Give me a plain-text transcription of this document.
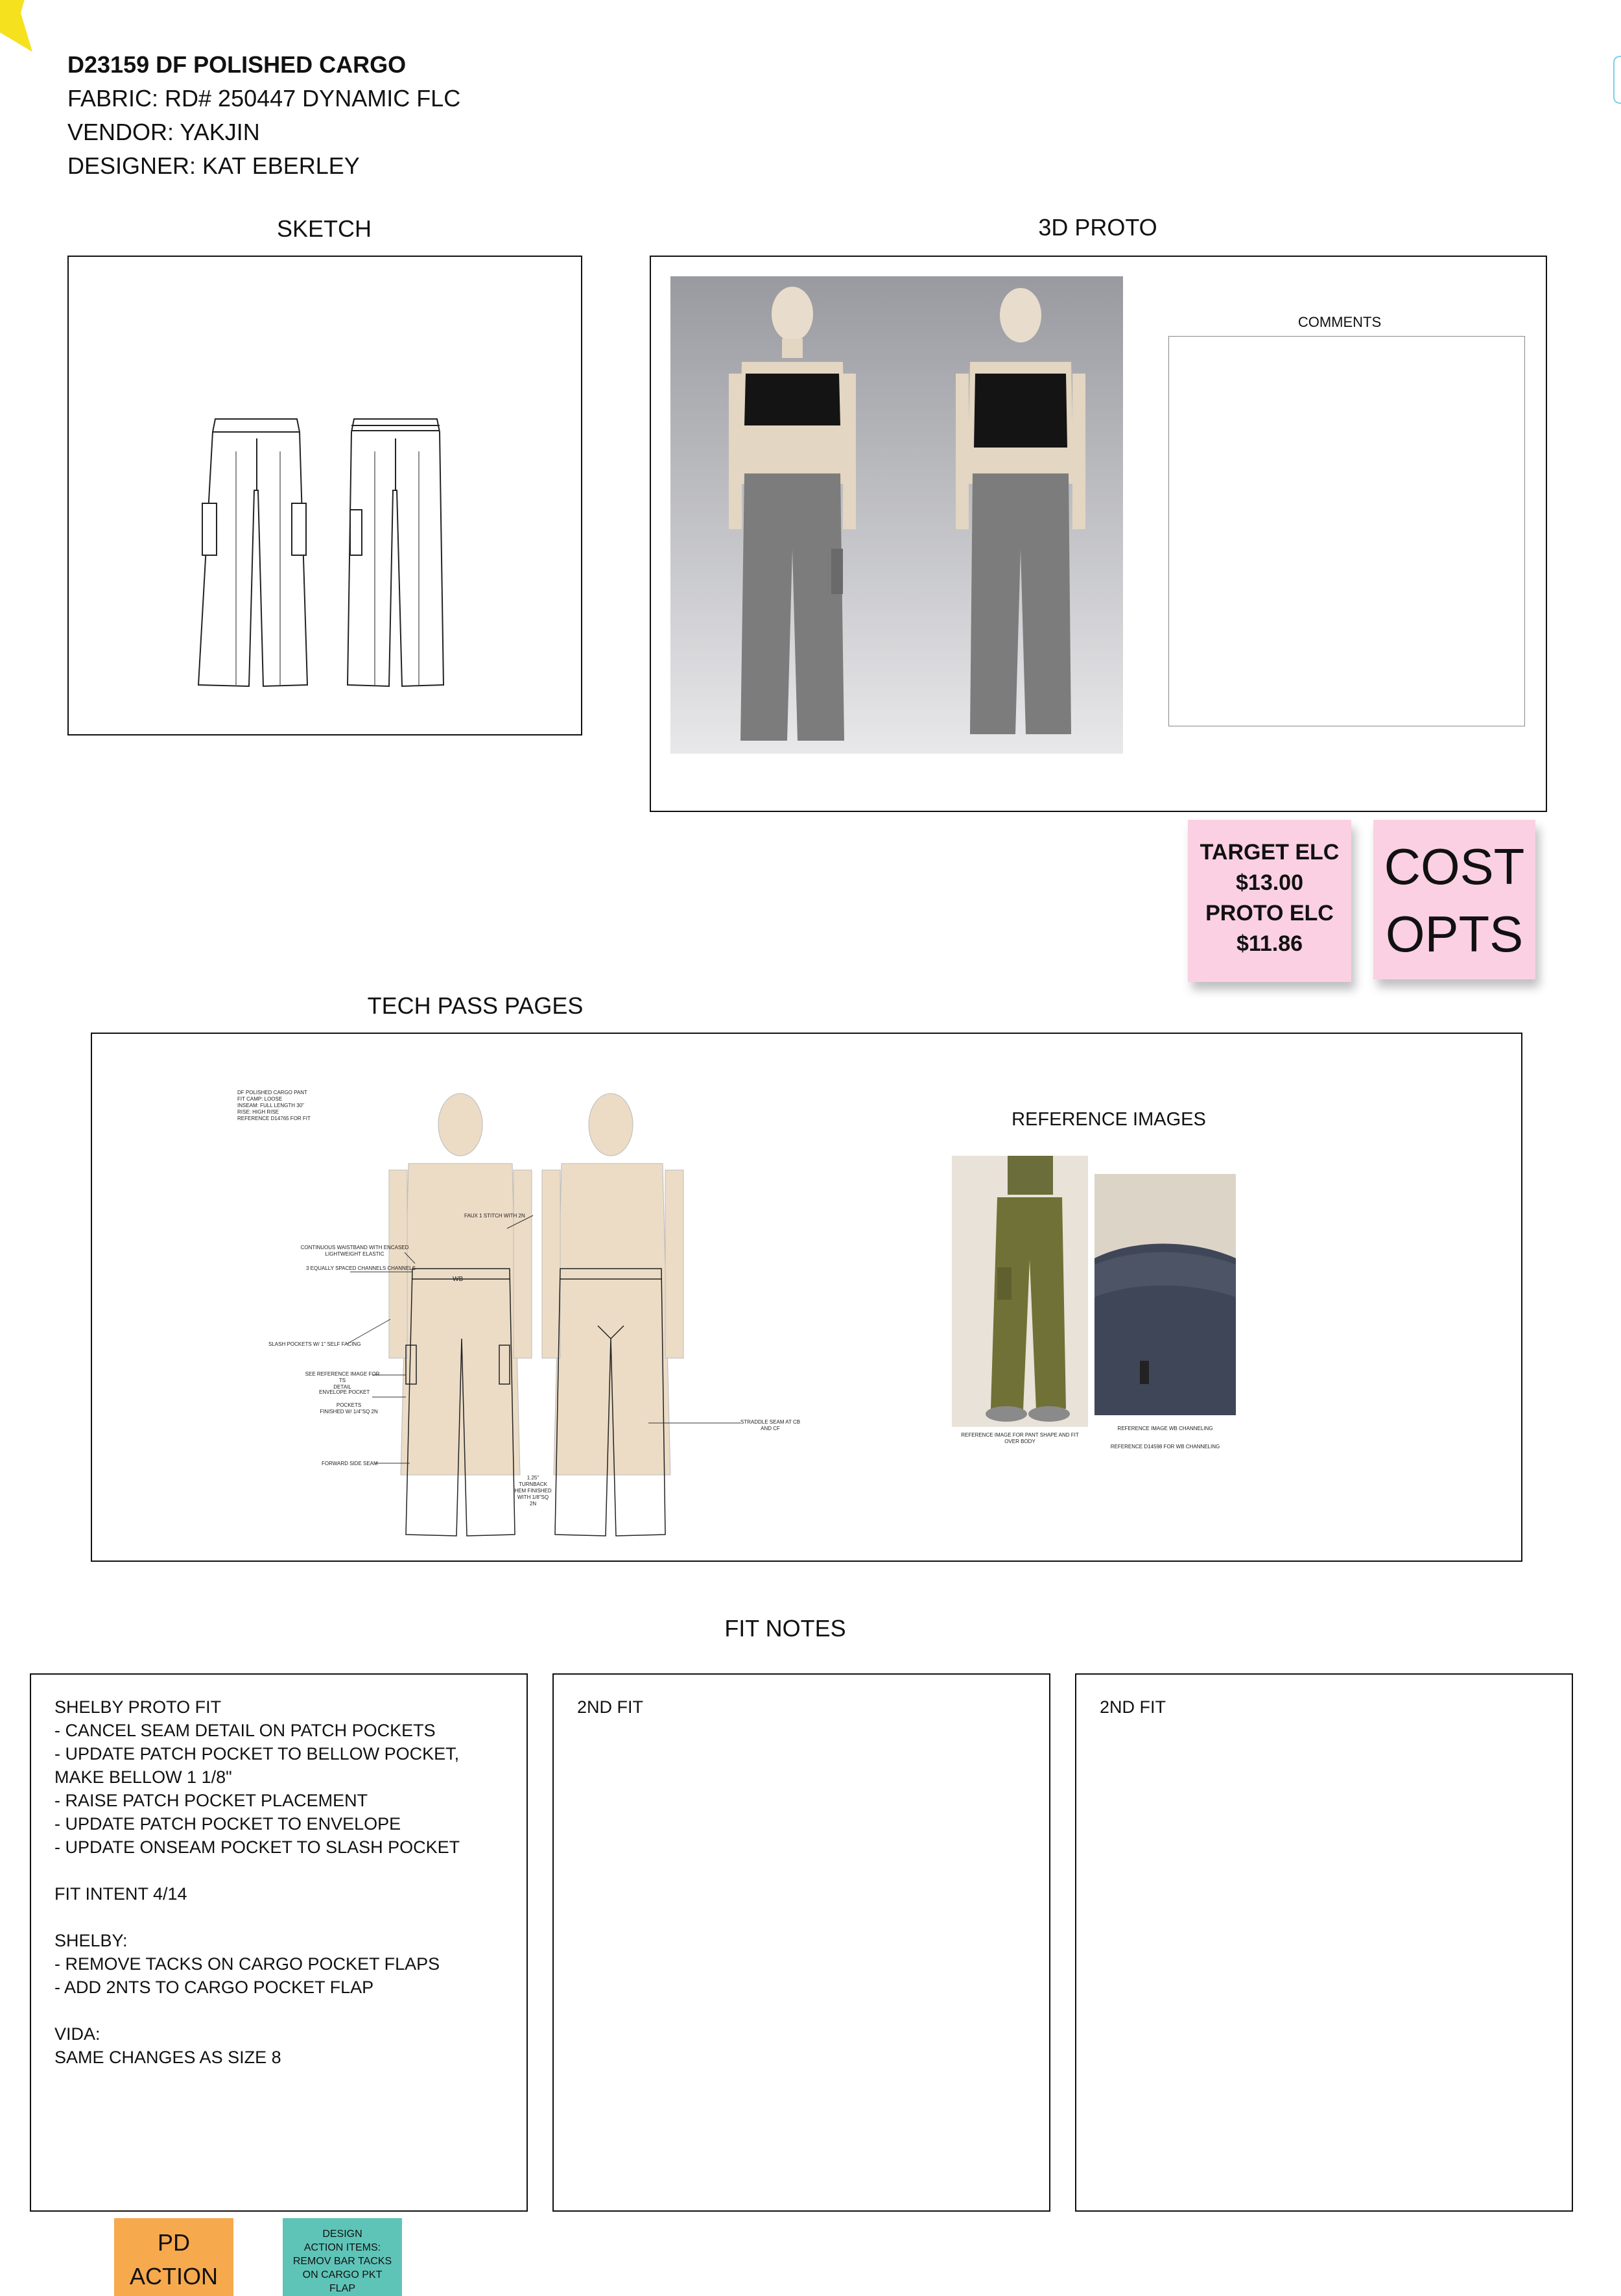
D23159 DF POLISHED CARGO
FABRIC: RD# 250447 DYNAMIC FLC
VENDOR: YAKJIN
DESIGNER: KAT EBERLEY
SKETCH	3D PROTO
COMMENTS
TARGET ELC
$13.00
PROTO ELC
$11.86
COST
OPTS
TECH PASS PAGES
DF POLISHED CARGO PANT
FIT CAMP: LOOSE
INSEAM: FULL LENGTH 30"
RISE: HIGH RISE
REFERENCE D14765 FOR FIT
CONTINUOUS WAISTBAND WITH ENCASED
LIGHTWEIGHT ELASTIC
3 EQUALLY SPACED CHANNELS CHANNELS
FAUX 1 STITCH WITH 2N
SLASH POCKETS W/ 1" SELF FACING
SEE REFERENCE IMAGE FOR TS
DETAIL
ENVELOPE POCKET
POCKETS
FINISHED W/ 1/4"SQ 2N
FORWARD SIDE SEAM
1.25"
TURNBACK
HEM FINISHED
WITH 1/8"SQ
2N
STRADDLE SEAM AT CB
AND CF
WB
REFERENCE IMAGES
REFERENCE IMAGE FOR PANT SHAPE AND FIT
OVER BODY
REFERENCE IMAGE WB CHANNELING
REFERENCE D14598 FOR WB CHANNELING
FIT NOTES
SHELBY PROTO FIT
- CANCEL SEAM DETAIL ON PATCH POCKETS
- UPDATE PATCH POCKET TO BELLOW POCKET, MAKE BELLOW 1 1/8"
- RAISE PATCH POCKET PLACEMENT
- UPDATE PATCH POCKET TO ENVELOPE
- UPDATE ONSEAM POCKET TO SLASH POCKET

FIT INTENT 4/14

SHELBY:
- REMOVE TACKS ON CARGO POCKET FLAPS
- ADD 2NTS TO CARGO POCKET FLAP

VIDA:
SAME CHANGES AS SIZE 8
2ND FIT	2ND FIT
PD
ACTION
DESIGN
ACTION ITEMS:
REMOV BAR TACKS
ON CARGO PKT
FLAP
